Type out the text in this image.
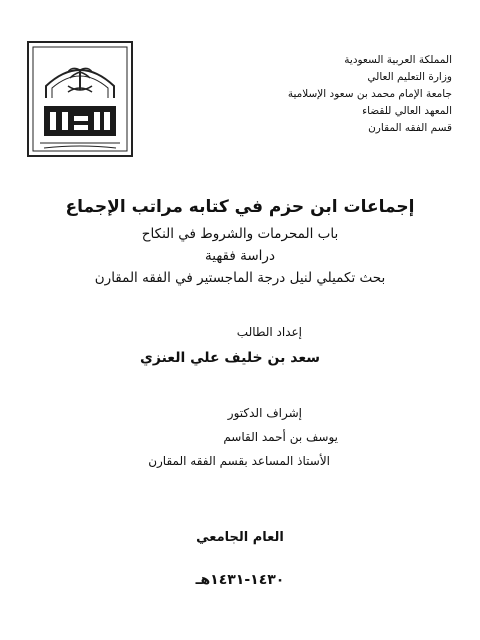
المملكة العربية السعودية
وزارة التعليم العالي
جامعة الإمام محمد بن سعود الإسلامية
المعهد العالي للقضاء
قسم الفقه المقارن
إجماعات ابن حزم في كتابه مراتب الإجماع
باب المحرمات والشروط في النكاح
دراسة فقهية
بحث تكميلي لنيل درجة الماجستير في الفقه المقارن
إعداد الطالب
سعد بن خليف علي العنزي
إشراف الدكتور
يوسف بن أحمد القاسم
الأستاذ المساعد بقسم الفقه المقارن
العام الجامعي
١٤٣٠-١٤٣١هـ
